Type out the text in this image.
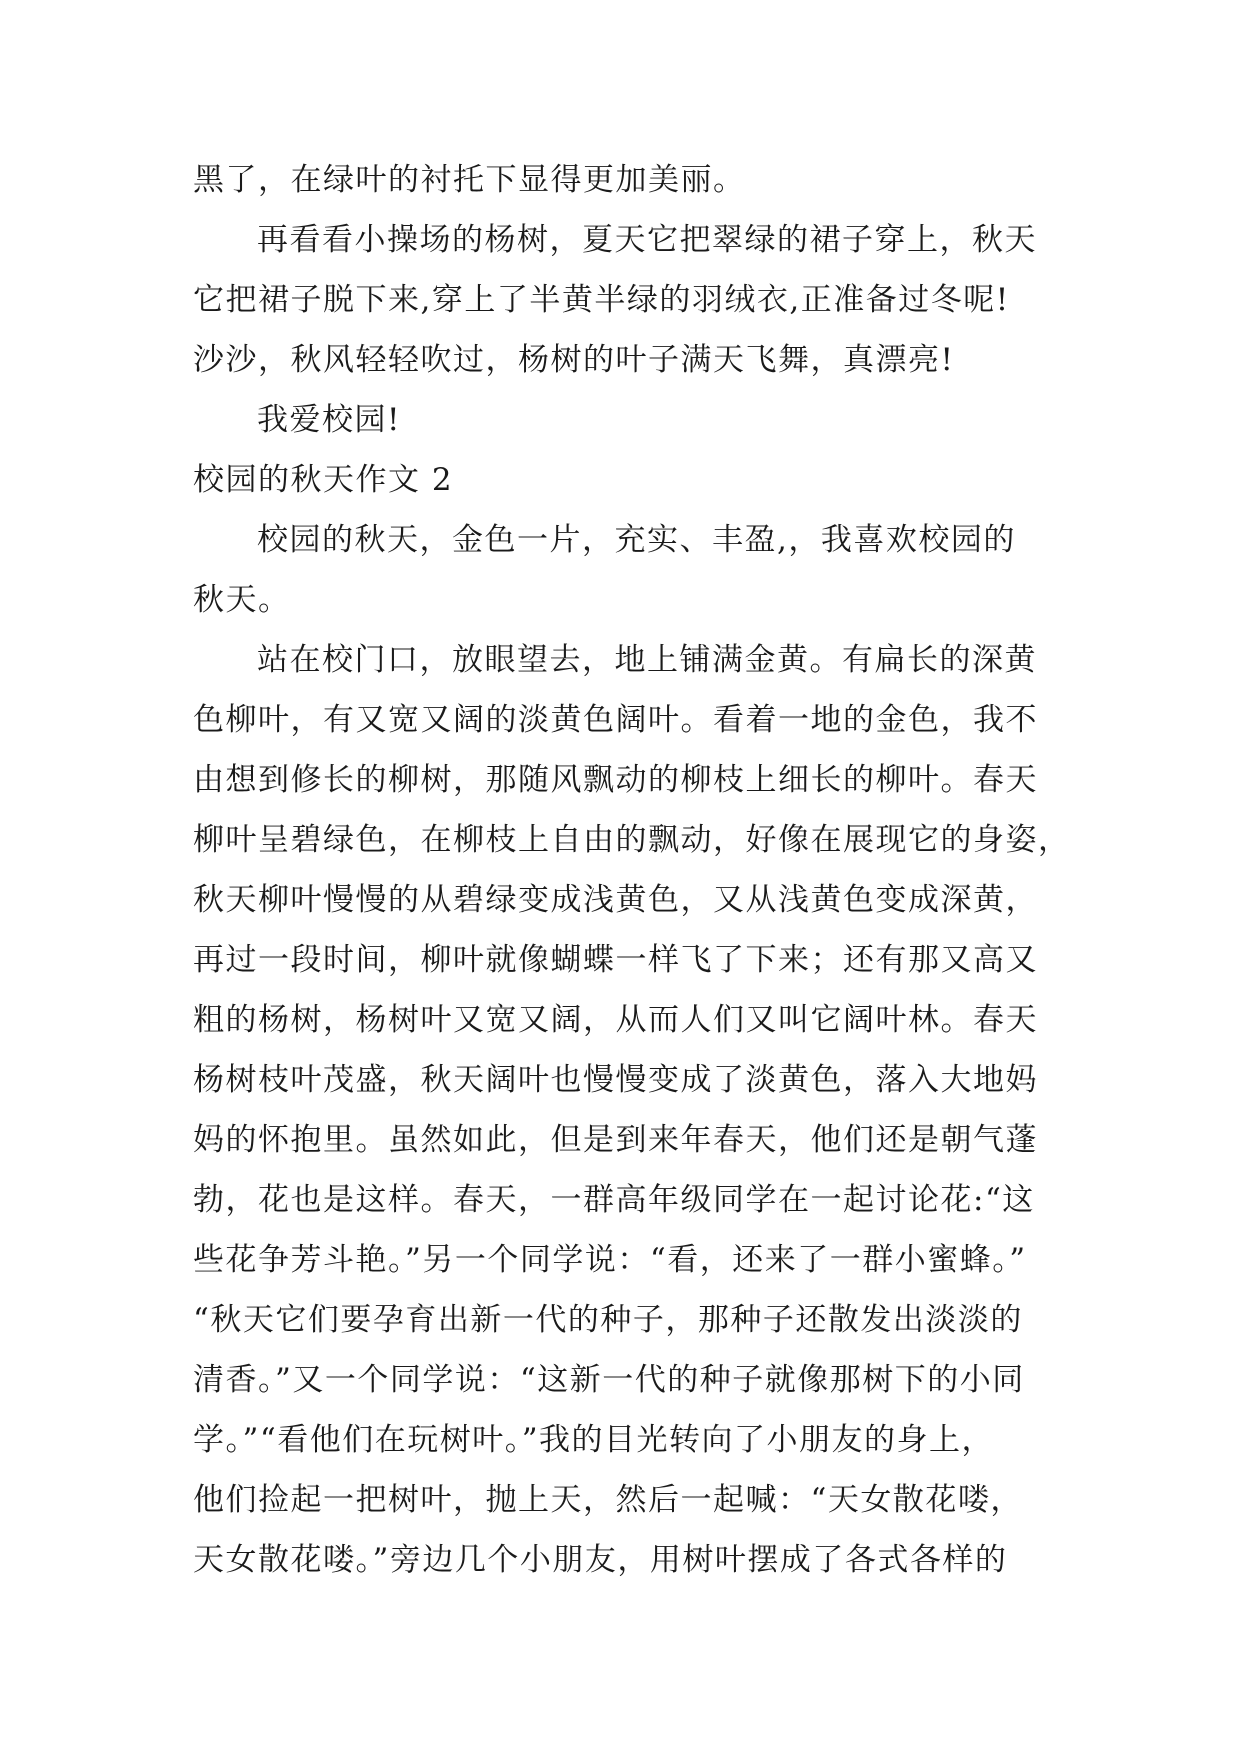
黑了，在绿叶的衬托下显得更加美丽。
再看看小操场的杨树，夏天它把翠绿的裙子穿上，秋天
它把裙子脱下来,穿上了半黄半绿的羽绒衣,正准备过冬呢!
沙沙，秋风轻轻吹过，杨树的叶子满天飞舞，真漂亮!
我爱校园!
校园的秋天作文 2
校园的秋天，金色一片，充实、丰盈,，我喜欢校园的
秋天。
站在校门口，放眼望去，地上铺满金黄。有扁长的深黄
色柳叶，有又宽又阔的淡黄色阔叶。看着一地的金色，我不
由想到修长的柳树，那随风飘动的柳枝上细长的柳叶。春天
柳叶呈碧绿色，在柳枝上自由的飘动，好像在展现它的身姿，
秋天柳叶慢慢的从碧绿变成浅黄色，又从浅黄色变成深黄，
再过一段时间，柳叶就像蝴蝶一样飞了下来；还有那又高又
粗的杨树，杨树叶又宽又阔，从而人们又叫它阔叶林。春天
杨树枝叶茂盛，秋天阔叶也慢慢变成了淡黄色，落入大地妈
妈的怀抱里。虽然如此，但是到来年春天，他们还是朝气蓬
勃，花也是这样。春天，一群高年级同学在一起讨论花:“这
些花争芳斗艳。”另一个同学说：“看，还来了一群小蜜蜂。”
“秋天它们要孕育出新一代的种子，那种子还散发出淡淡的
清香。”又一个同学说：“这新一代的种子就像那树下的小同
学。”“看他们在玩树叶。”我的目光转向了小朋友的身上，
他们捡起一把树叶，抛上天，然后一起喊：“天女散花喽，
天女散花喽。”旁边几个小朋友，用树叶摆成了各式各样的
